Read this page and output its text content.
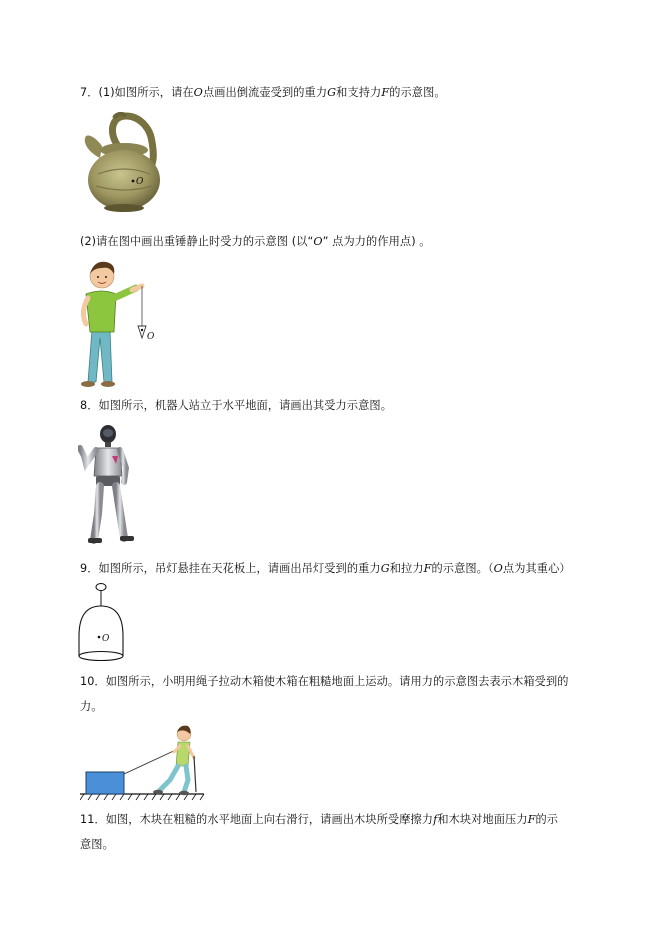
7．(1)如图所示，请在O点画出倒流壶受到的重力G和支持力F的示意图。
O
(2)请在图中画出重锤静止时受力的示意图 (以“O” 点为力的作用点) 。
O
8．如图所示，机器人站立于水平地面，请画出其受力示意图。
9．如图所示，吊灯悬挂在天花板上，请画出吊灯受到的重力G和拉力F的示意图。（O点为其重心）
O
10．如图所示，小明用绳子拉动木箱使木箱在粗糙地面上运动。请用力的示意图去表示木箱受到的
力。
11．如图，木块在粗糙的水平地面上向右滑行，请画出木块所受摩擦力f和木块对地面压力F的示
意图。
